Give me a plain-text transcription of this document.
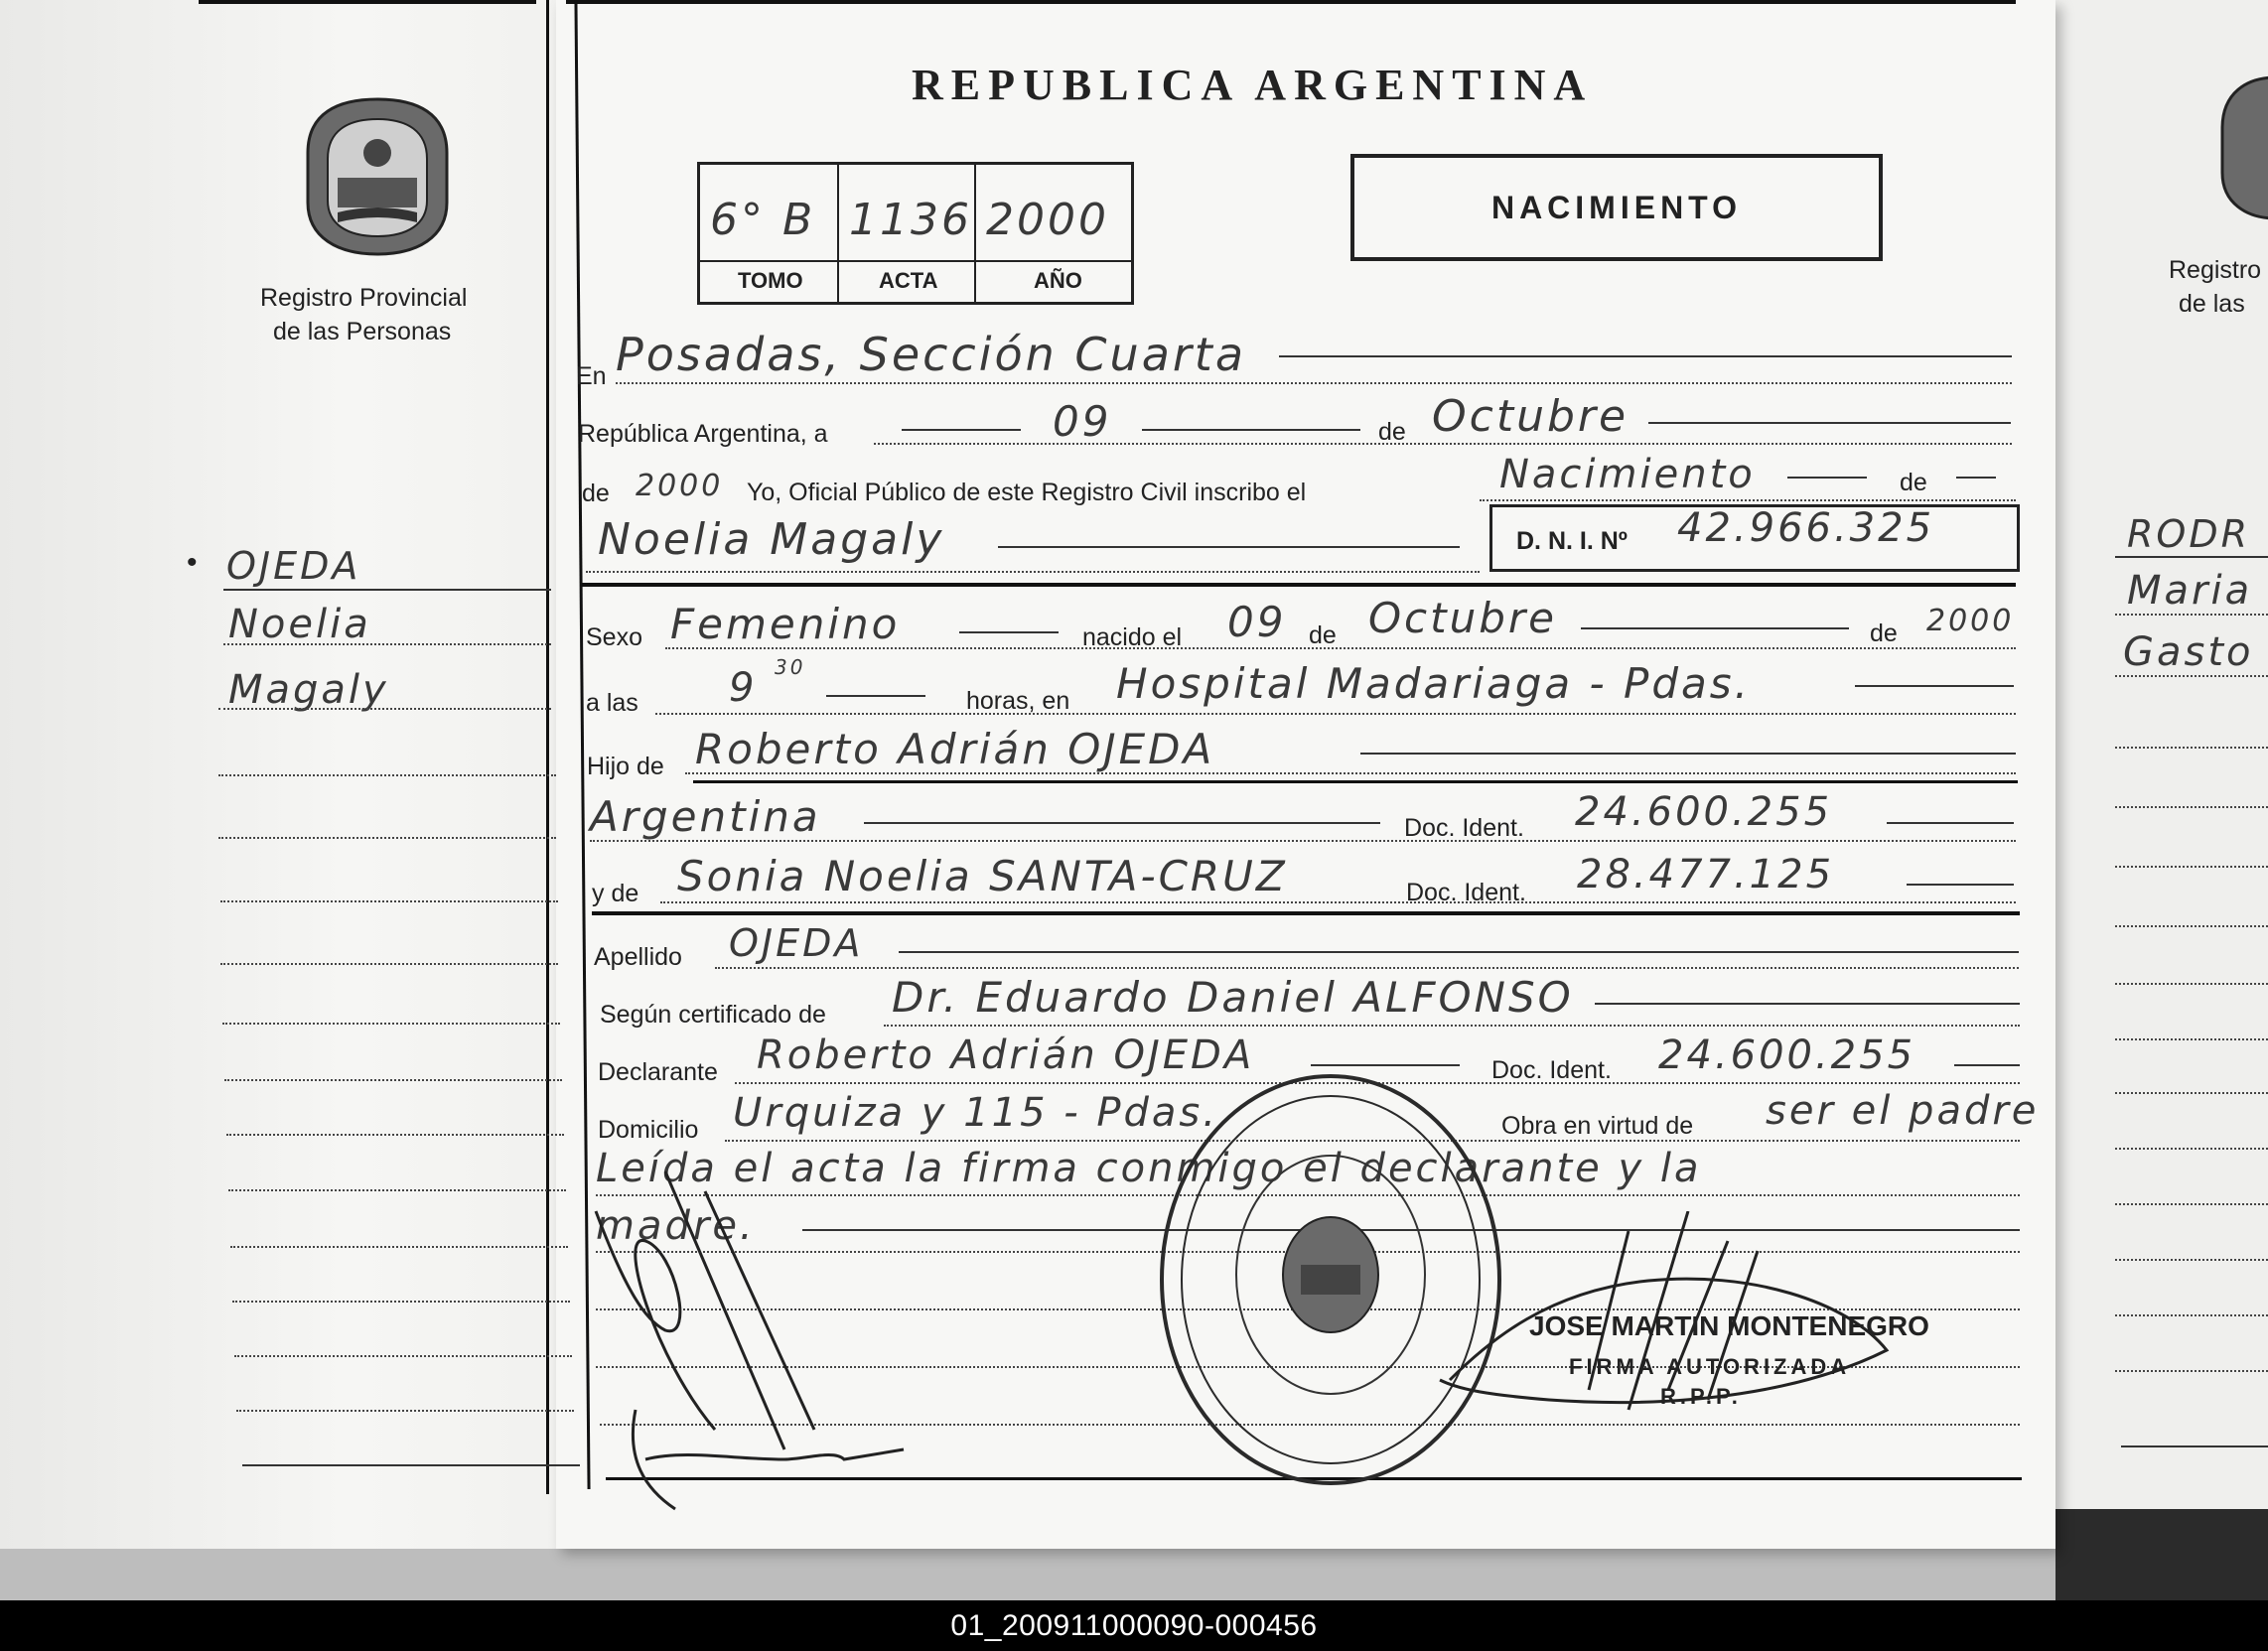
Registro Provincial
de las Personas
• OJEDA
Noelia
Magaly
REPUBLICA ARGENTINA
6° B 1136 2000
TOMO	ACTA	AÑO
NACIMIENTO
En Posadas, Sección Cuarta
República Argentina, a	09	de Octubre
de 2000 Yo, Oficial Público de este Registro Civil inscribo el	Nacimiento	de
Noelia Magaly	D. N. I. Nº 42.966.325
Sexo Femenino	nacido el 09 de Octubre	de 2000
a las 9 30
horas, en Hospital Madariaga - Pdas.
Hijo de Roberto Adrián OJEDA
Argentina	Doc. Ident. 24.600.255
y de Sonia Noelia SANTA-CRUZ	Doc. Ident. 28.477.125
Apellido OJEDA
Según certificado de Dr. Eduardo Daniel ALFONSO
Declarante Roberto Adrián OJEDA	Doc. Ident. 24.600.255
Domicilio Urquiza y 115 - Pdas.	Obra en virtud de ser el padre
Leída el acta la firma conmigo el declarante y la
madre.
JOSE MARTIN MONTENEGRO
FIRMA AUTORIZADA
R.P.P.
Registro
de las
RODR
Maria
Gasto
01_200911000090-000456
